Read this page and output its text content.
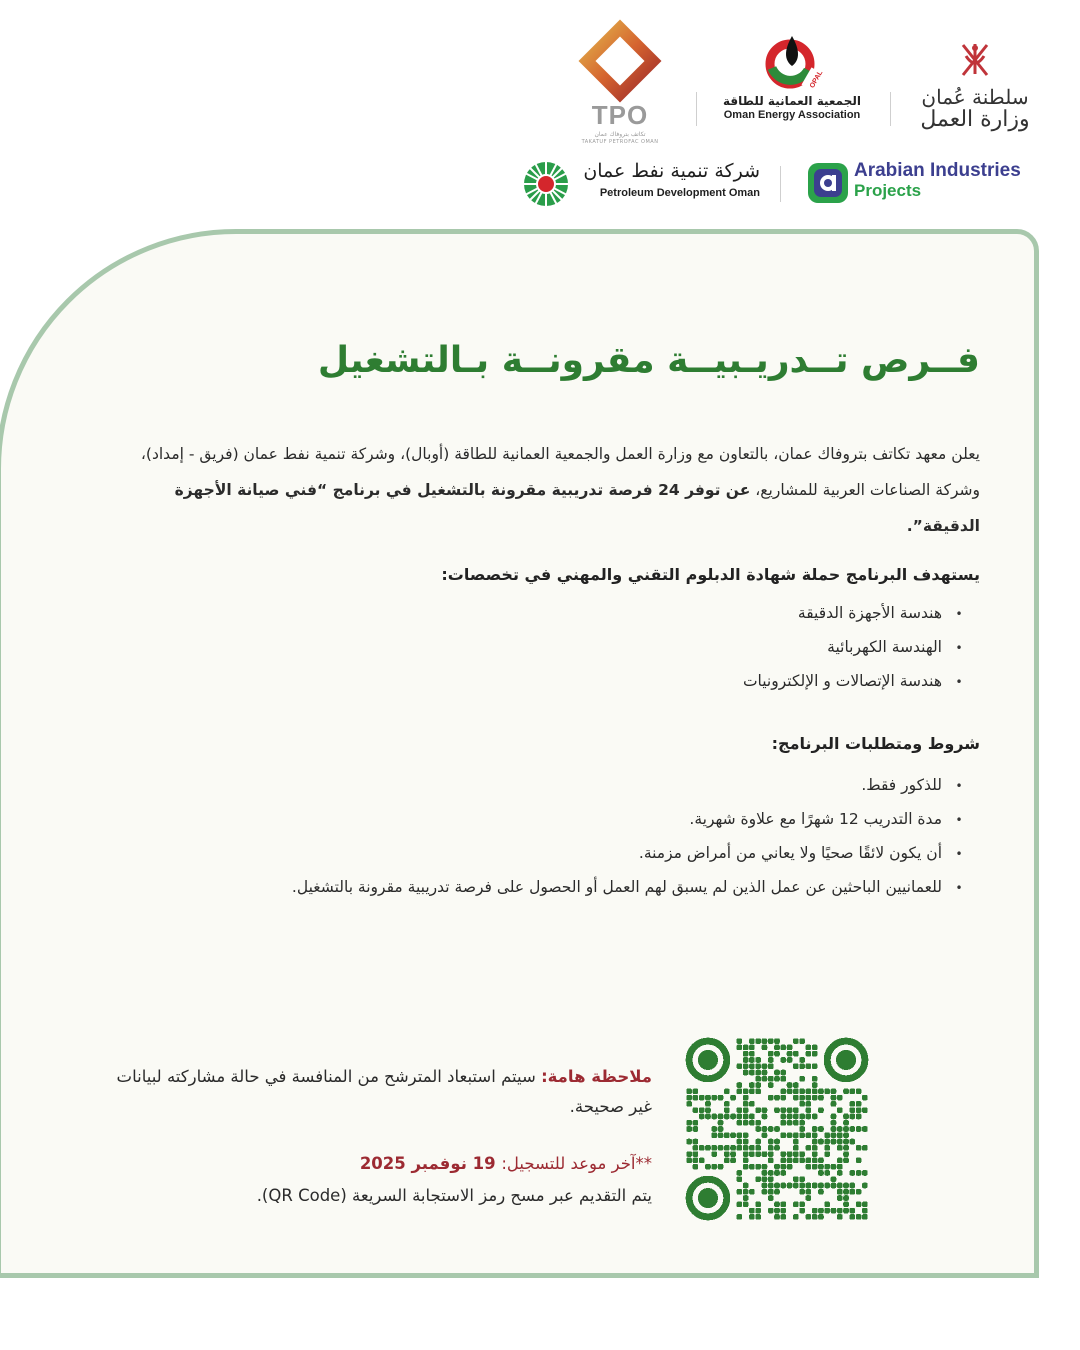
TPO
تكاتف بتروفاك عمان
TAKATUF PETROFAC OMAN
OPAL
الجمعية العمانية للطاقة
Oman Energy Association
سلطنة عُمان
وزارة العمل
شركة تنمية نفط عمان
Petroleum Development Oman
Arabian Industries
Projects
فــرص تــدريـبيــة مقرونــة بـالتشغيل

يعلن معهد تكاتف بتروفاك عمان، بالتعاون مع وزارة العمل والجمعية العمانية للطاقة (أوبال)، وشركة تنمية نفط عمان (فريق - إمداد)، وشركة الصناعات العربية للمشاريع، عن توفر 24 فرصة تدريبية مقرونة بالتشغيل في برنامج “فني صيانة الأجهزة الدقيقة”.

يستهدف البرنامج حملة شهادة الدبلوم التقني والمهني في تخصصات:
• هندسة الأجهزة الدقيقة
• الهندسة الكهربائية
• هندسة الإتصالات و الإلكترونيات
شروط ومتطلبات البرنامج:
• للذكور فقط.
• مدة التدريب 12 شهرًا مع علاوة شهرية.
• أن يكون لائقًا صحيًا ولا يعاني من أمراض مزمنة.
• للعمانيين الباحثين عن عمل الذين لم يسبق لهم العمل أو الحصول على فرصة تدريبية مقرونة بالتشغيل.

ملاحظة هامة: سيتم استبعاد المترشح من المنافسة في حالة مشاركته لبيانات غير صحيحة.

**آخر موعد للتسجيل: 19 نوفمبر 2025
يتم التقديم عبر مسح رمز الاستجابة السريعة (QR Code).
